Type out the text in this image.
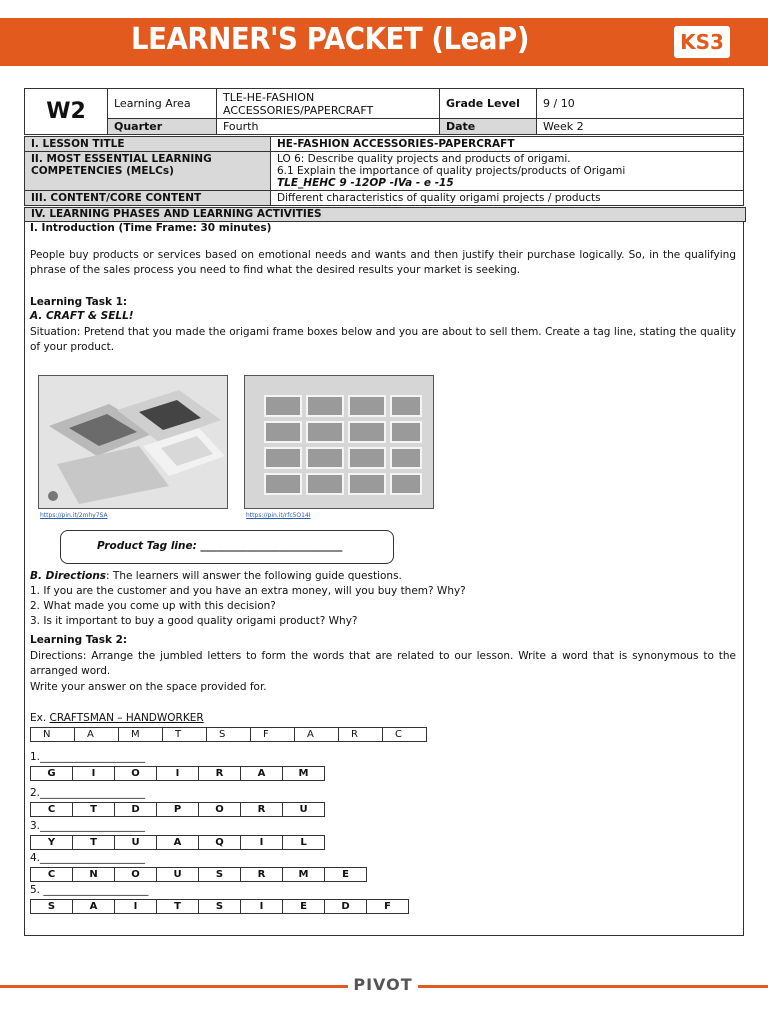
LEARNER'S PACKET (LeaP)	KS3
W2	Learning Area	TLE-HE-FASHION ACCESSORIES/PAPERCRAFT	Grade Level	9 / 10
	Quarter	Fourth	Date	Week 2
I. LESSON TITLE	HE-FASHION ACCESSORIES-PAPERCRAFT
II. MOST ESSENTIAL LEARNING COMPETENCIES (MELCs)	LO 6: Describe quality projects and products of origami.
6.1 Explain the importance of quality projects/products of Origami
TLE_HEHC 9 -12OP -IVa - e -15

III. CONTENT/CORE CONTENT	Different characteristics of quality origami projects / products
IV. LEARNING PHASES AND LEARNING ACTIVITIES
I. Introduction (Time Frame: 30 minutes)
People buy products or services based on emotional needs and wants and then justify their purchase logically. So, in the qualifying phrase of the sales process you need to find what the desired results your market is seeking.
Learning Task 1:
A. CRAFT & SELL!
Situation: Pretend that you made the origami frame boxes below and you are about to sell them. Create a tag line, stating the quality of your product.
https://pin.it/2mhy7SA	https://pin.it/rfc5O14I
Product Tag line: ___________________________
B. Directions: The learners will answer the following guide questions.
1. If you are the customer and you have an extra money, will you buy them? Why?
2. What made you come up with this decision?
3. Is it important to buy a good quality origami product? Why?
Learning Task 2:
Directions: Arrange the jumbled letters to form the words that are related to our lesson. Write a word that is synonymous to the arranged word.
Write your answer on the space provided for.
Ex. CRAFTSMAN – HANDWORKER
N	A	M	T	S	F	A	R	C
1.____________________
G	I	O	I	R	A	M
2.____________________
C	T	D	P	O	R	U
3.____________________
Y	T	U	A	Q	I	L
4.____________________
C	N	O	U	S	R	M	E
5. ____________________
S	A	I	T	S	I	E	D	F
PIVOT
